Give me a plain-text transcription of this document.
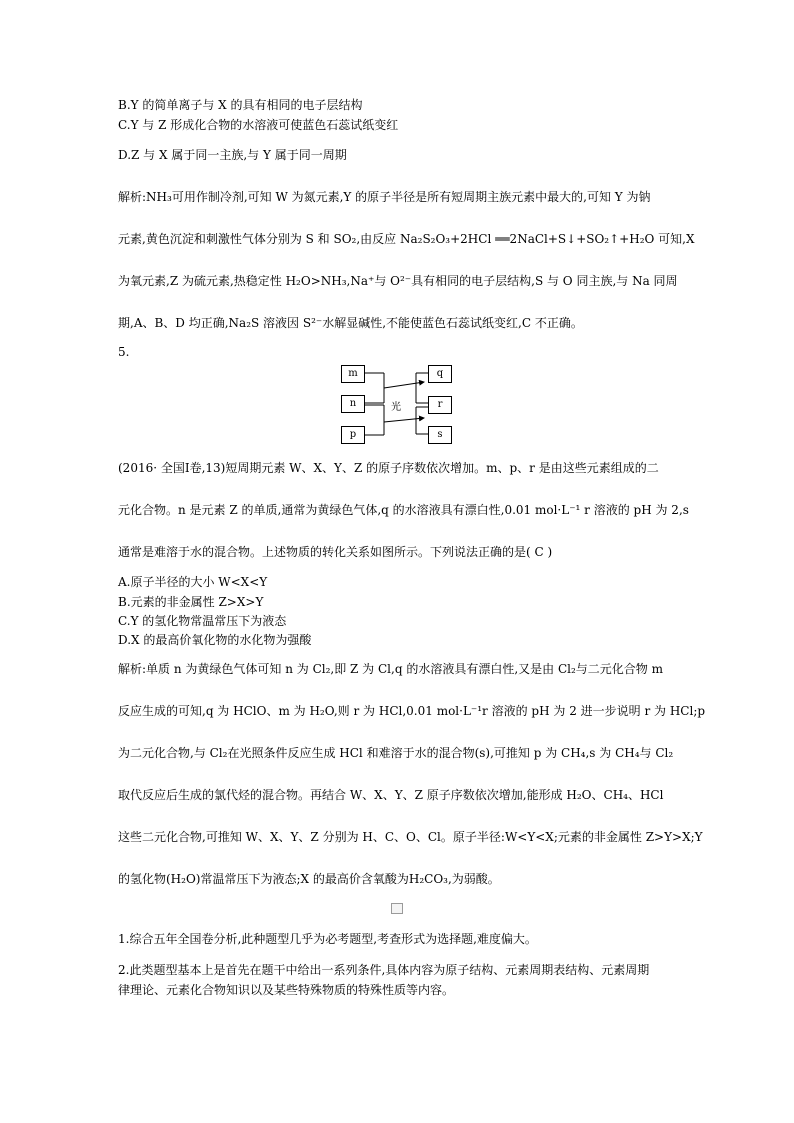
B.Y 的简单离子与 X 的具有相同的电子层结构
C.Y 与 Z 形成化合物的水溶液可使蓝色石蕊试纸变红
D.Z 与 X 属于同一主族,与 Y 属于同一周期
解析:NH₃可用作制冷剂,可知 W 为氮元素,Y 的原子半径是所有短周期主族元素中最大的,可知 Y 为钠
元素,黄色沉淀和刺激性气体分别为 S 和 SO₂,由反应 Na₂S₂O₃+2HCl ══2NaCl+S↓+SO₂↑+H₂O 可知,X
为氧元素,Z 为硫元素,热稳定性 H₂O>NH₃,Na⁺与 O²⁻具有相同的电子层结构,S 与 O 同主族,与 Na 同周
期,A、B、D 均正确,Na₂S 溶液因 S²⁻水解显碱性,不能使蓝色石蕊试纸变红,C 不正确。
5.
m
n
p
q
r
s
光
(2016· 全国Ⅰ卷,13)短周期元素 W、X、Y、Z 的原子序数依次增加。m、p、r 是由这些元素组成的二
元化合物。n 是元素 Z 的单质,通常为黄绿色气体,q 的水溶液具有漂白性,0.01 mol·L⁻¹ r 溶液的 pH 为 2,s
通常是难溶于水的混合物。上述物质的转化关系如图所示。下列说法正确的是( C )
A.原子半径的大小 W<X<Y
B.元素的非金属性 Z>X>Y
C.Y 的氢化物常温常压下为液态
D.X 的最高价氧化物的水化物为强酸
解析:单质 n 为黄绿色气体可知 n 为 Cl₂,即 Z 为 Cl,q 的水溶液具有漂白性,又是由 Cl₂与二元化合物 m
反应生成的可知,q 为 HClO、m 为 H₂O,则 r 为 HCl,0.01 mol·L⁻¹r 溶液的 pH 为 2 进一步说明 r 为 HCl;p
为二元化合物,与 Cl₂在光照条件反应生成 HCl 和难溶于水的混合物(s),可推知 p 为 CH₄,s 为 CH₄与 Cl₂
取代反应后生成的氯代烃的混合物。再结合 W、X、Y、Z 原子序数依次增加,能形成 H₂O、CH₄、HCl
这些二元化合物,可推知 W、X、Y、Z 分别为 H、C、O、Cl。原子半径:W<Y<X;元素的非金属性 Z>Y>X;Y
的氢化物(H₂O)常温常压下为液态;X 的最高价含氧酸为H₂CO₃,为弱酸。
1.综合五年全国卷分析,此种题型几乎为必考题型,考查形式为选择题,难度偏大。
2.此类题型基本上是首先在题干中给出一系列条件,具体内容为原子结构、元素周期表结构、元素周期
律理论、元素化合物知识以及某些特殊物质的特殊性质等内容。
